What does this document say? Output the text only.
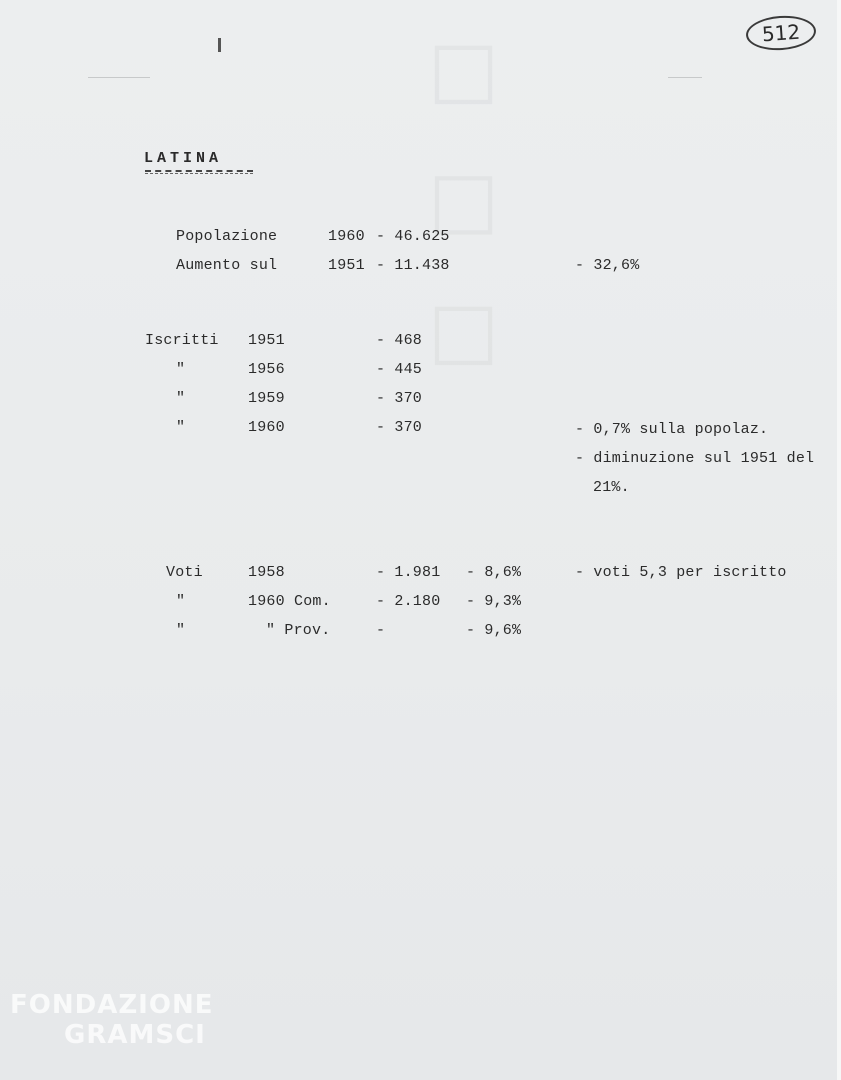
512
LATINA
Popolazione	1960 - 46.625
Aumento sul	1951 - 11.438	- 32,6%
Iscritti 1951	- 468
"	1956	- 445
"	1959	- 370
"	1960	- 370	- 0,7% sulla popolaz.
- diminuzione sul 1951 del
21%.
Voti	1958	- 1.981 - 8,6%	- voti 5,3 per iscritto
"	1960 Com.	- 2.180 - 9,3%
"	" Prov.	-	- 9,6%
FONDAZIONE
GRAMSCI
